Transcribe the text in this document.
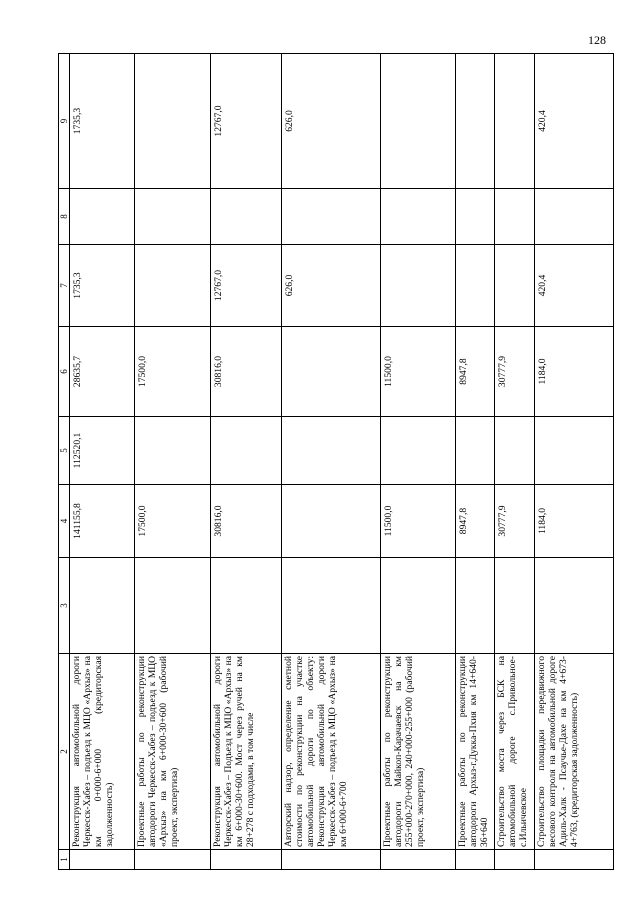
128
1	2	3	4	5	6	7	8	9
	Реконструкция автомобильной дороги Черкесск-Хабез – подъезд к МЦО «Архыз» на км 0+000-6+000 (кредиторская задолженность)		141155,8	112520,1	28635,7	1735,3		1735,3
	Проектные работы по реконструкции автодороги Черкесск-Хабез – подъезд к МЦО «Архыз» на км 6+000-30+600 (рабочий проект, экспертиза)		17500,0		17500,0			
	Реконструкция автомобильной дороги Черкесск-Хабез – Подъезд к МЦО «Архыз» на км 6+000-30+600. Мост через ручей на км 28+278 с подходами, в том числе		30816,0		30816,0	12767,0		12767,0
	Авторский надзор, определение сметной стоимости по реконструкции на участке автомобильной дороги по объекту: Реконструкция автомобильной дороги Черкесск-Хабез – подъезд к МЦО «Архыз» на км 6+000-6+700					626,0		626,0
	Проектные работы по реконструкции автодороги Майкоп-Карачаевск на км 255+000-270+000, 240+000-255+000 (рабочий проект, экспертиза)		11500,0		11500,0			
	Проектные работы по реконструкции автодороги Архыз-г.Дукка-Пхия км 14+640-36+640		8947,8		8947,8			
	Строительство моста через БСК на автомобильной дороге с.Привольное-с.Ильичевское		30777,9		30777,9			
	Строительство площадки передвижного весового контроля на автомобильной дороге Адиль-Халк - Псаучье-Дахе на км 4+673-4+763, (кредиторская задолженность)		1184,0		1184,0	420,4		420,4
